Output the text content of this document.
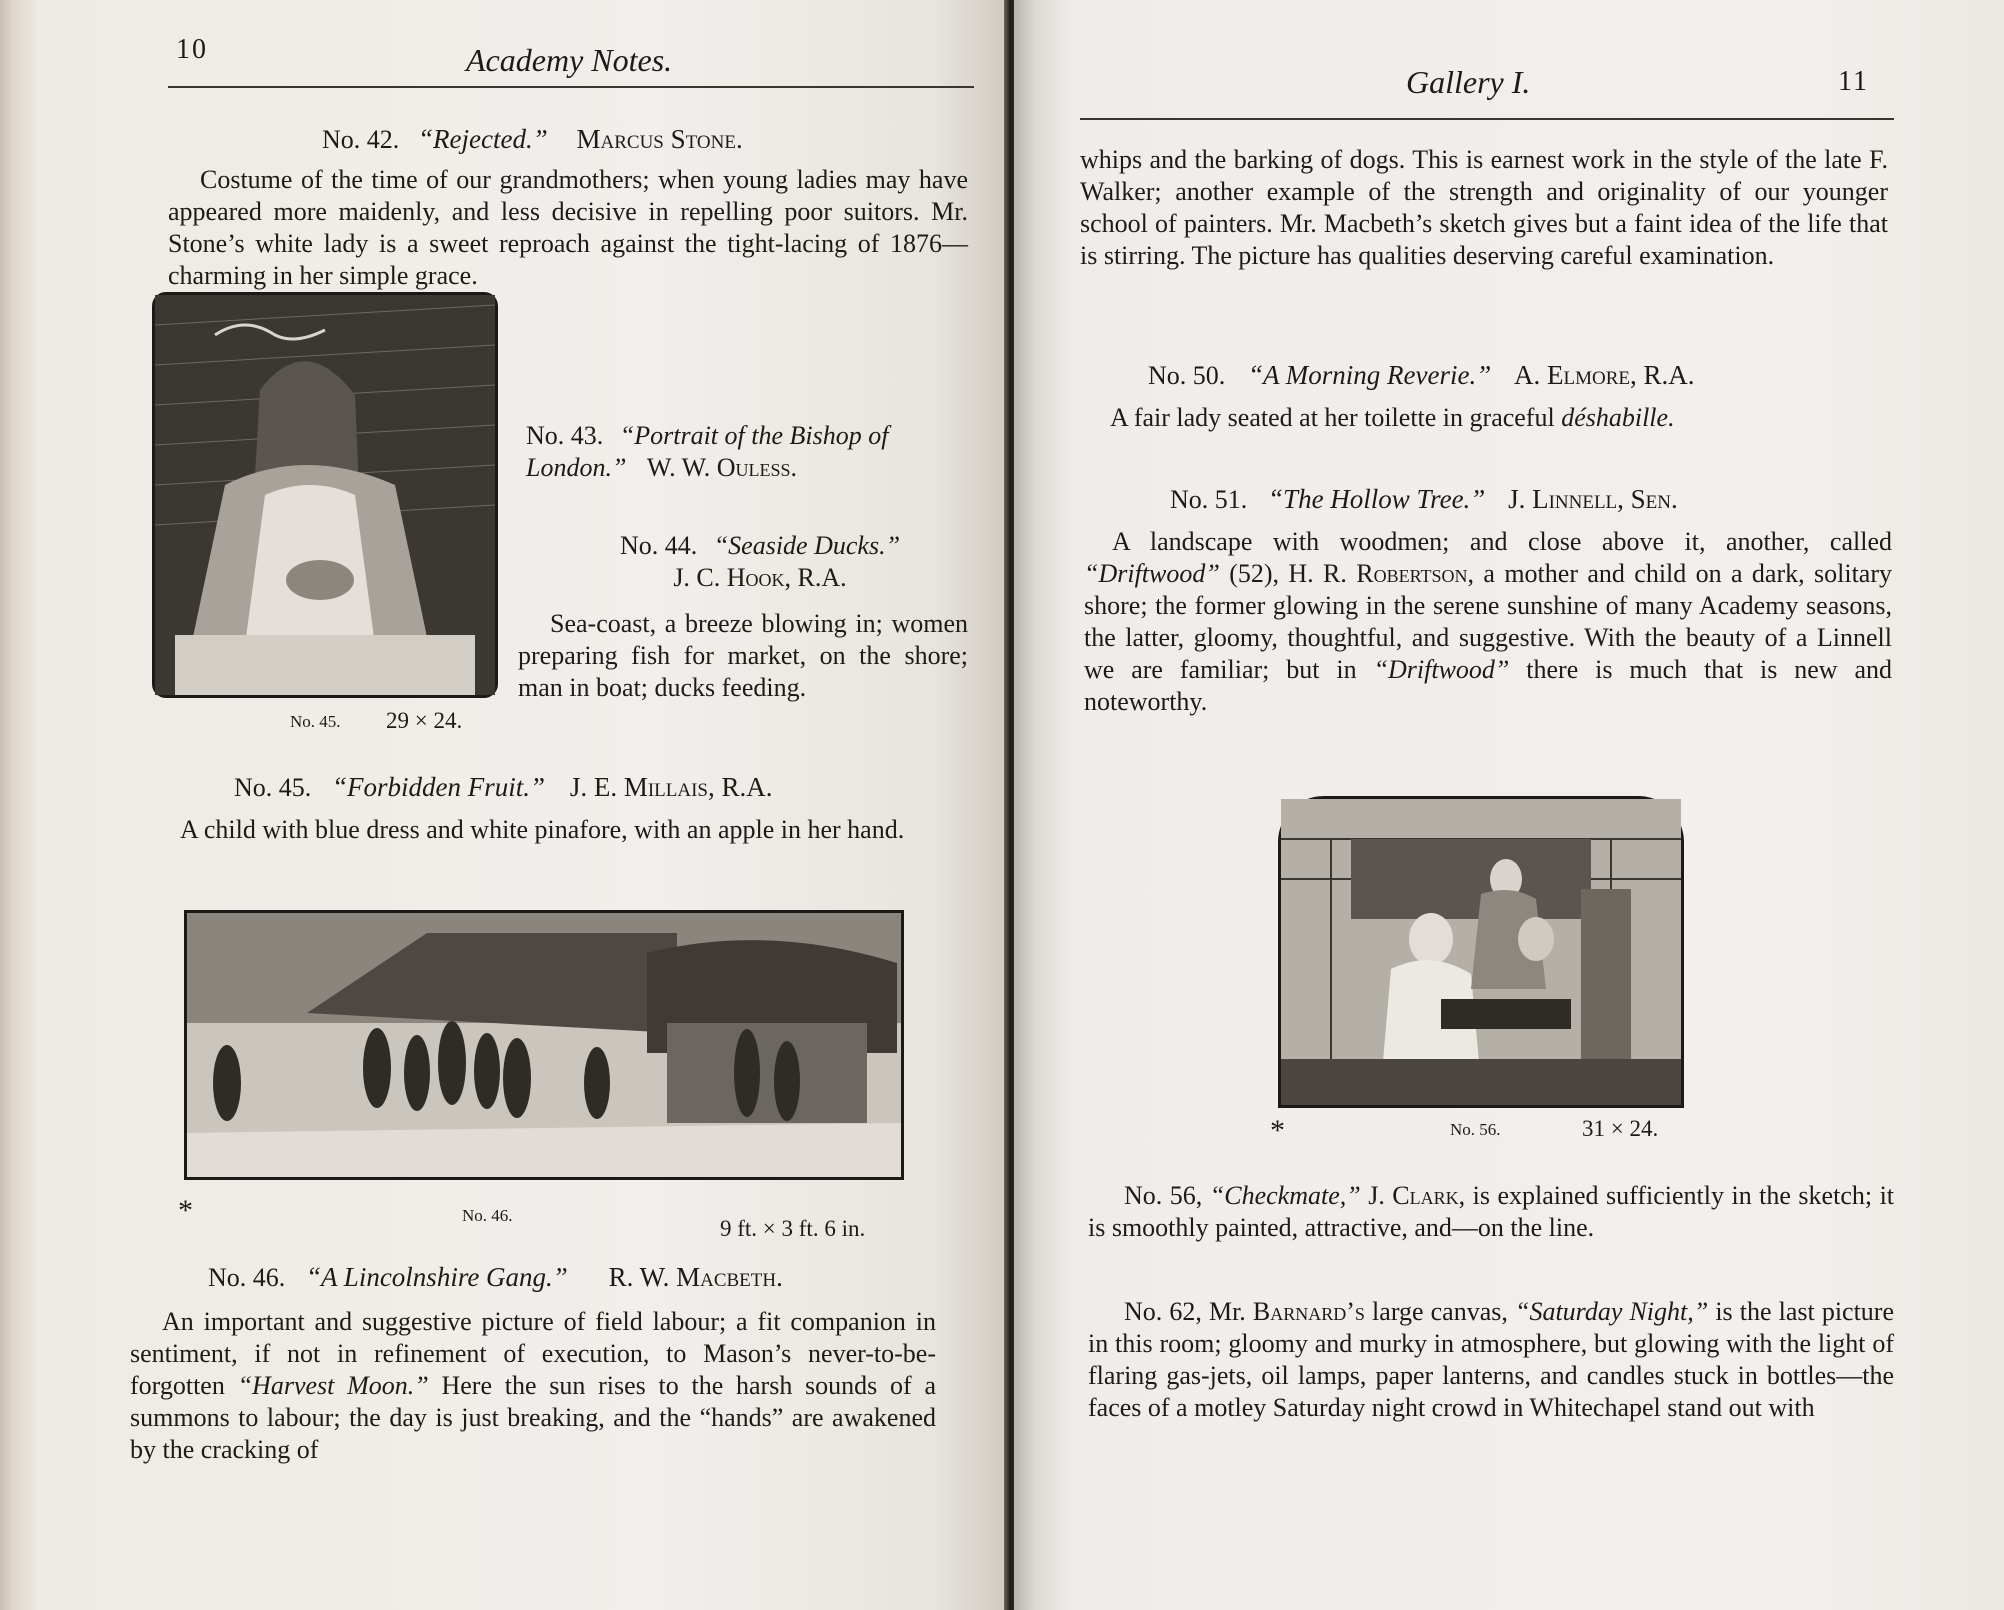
10	Academy Notes.
No. 42. “Rejected.” Marcus Stone.
Costume of the time of our grandmothers; when young ladies may have appeared more maidenly, and less decisive in repelling poor suitors. Mr. Stone’s white lady is a sweet reproach against the tight-lacing of 1876—charming in her simple grace.
No. 45. 29 × 24.
No. 43. “Portrait of the Bishop of London.” W. W. Ouless.
No. 44. “Seaside Ducks.”
J. C. Hook, R.A.
Sea-coast, a breeze blowing in; women preparing fish for market, on the shore; man in boat; ducks feeding.
No. 45. “Forbidden Fruit.” J. E. Millais, R.A.
A child with blue dress and white pinafore, with an apple in her hand.
*	No. 46.
9 ft. × 3 ft. 6 in.
No. 46. “A Lincolnshire Gang.” R. W. Macbeth.
An important and suggestive picture of field labour; a fit companion in sentiment, if not in refinement of execution, to Mason’s never-to-be-forgotten “Harvest Moon.” Here the sun rises to the harsh sounds of a summons to labour; the day is just breaking, and the “hands” are awakened by the cracking of
Gallery I.	11
whips and the barking of dogs. This is earnest work in the style of the late F. Walker; another example of the strength and originality of our younger school of painters. Mr. Macbeth’s sketch gives but a faint idea of the life that is stirring. The picture has qualities deserving careful examination.
No. 50. “A Morning Reverie.” A. Elmore, R.A.
A fair lady seated at her toilette in graceful déshabille.
No. 51. “The Hollow Tree.” J. Linnell, Sen.
A landscape with woodmen; and close above it, another, called “Driftwood” (52), H. R. Robertson, a mother and child on a dark, solitary shore; the former glowing in the serene sunshine of many Academy seasons, the latter, gloomy, thoughtful, and suggestive. With the beauty of a Linnell we are familiar; but in “Driftwood” there is much that is new and noteworthy.
*	No. 56.	31 × 24.
No. 56, “Checkmate,” J. Clark, is explained sufficiently in the sketch; it is smoothly painted, attractive, and—on the line.
No. 62, Mr. Barnard’s large canvas, “Saturday Night,” is the last picture in this room; gloomy and murky in atmosphere, but glowing with the light of flaring gas-jets, oil lamps, paper lanterns, and candles stuck in bottles—the faces of a motley Saturday night crowd in Whitechapel stand out with
